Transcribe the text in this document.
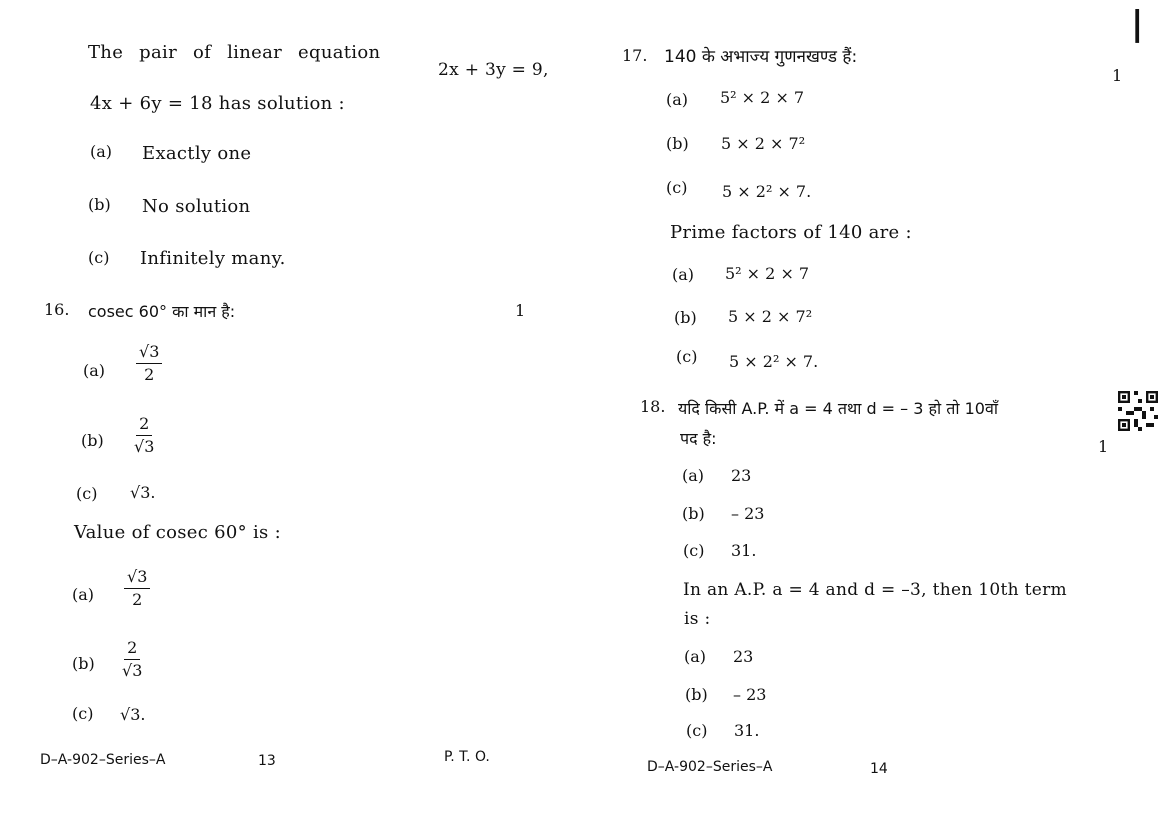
The pair of linear equation
2x + 3y = 9,
4x + 6y = 18 has solution :
(a) Exactly one
(b) No solution
(c) Infinitely many.
16. cosec 60° का मान है:	1
$(a) \frac{√3}{2}$
$(b) \frac{2}{√3}$
(c) √3.
Value of cosec 60° is :
$(a) \frac{√3}{2}$
$(b) \frac{2}{√3}$
(c) √3.
D–A-902–Series–A	13	P. T. O.
|
17. 140 के अभाज्य गुणनखण्ड हैं:
1
(a) 5² × 2 × 7
(b) 5 × 2 × 7²
(c) 5 × 2² × 7.
Prime factors of 140 are :
(a) 5² × 2 × 7
(b) 5 × 2 × 7²
(c) 5 × 2² × 7.
18. यदि किसी A.P. में a = 4 तथा d = – 3 हो तो 10वाँ
पद है:	1
(a) 23
(b) – 23
(c) 31.
In an A.P. a = 4 and d = –3, then 10th term
is :
(a) 23
(b) – 23
(c) 31.
D–A-902–Series–A	14
